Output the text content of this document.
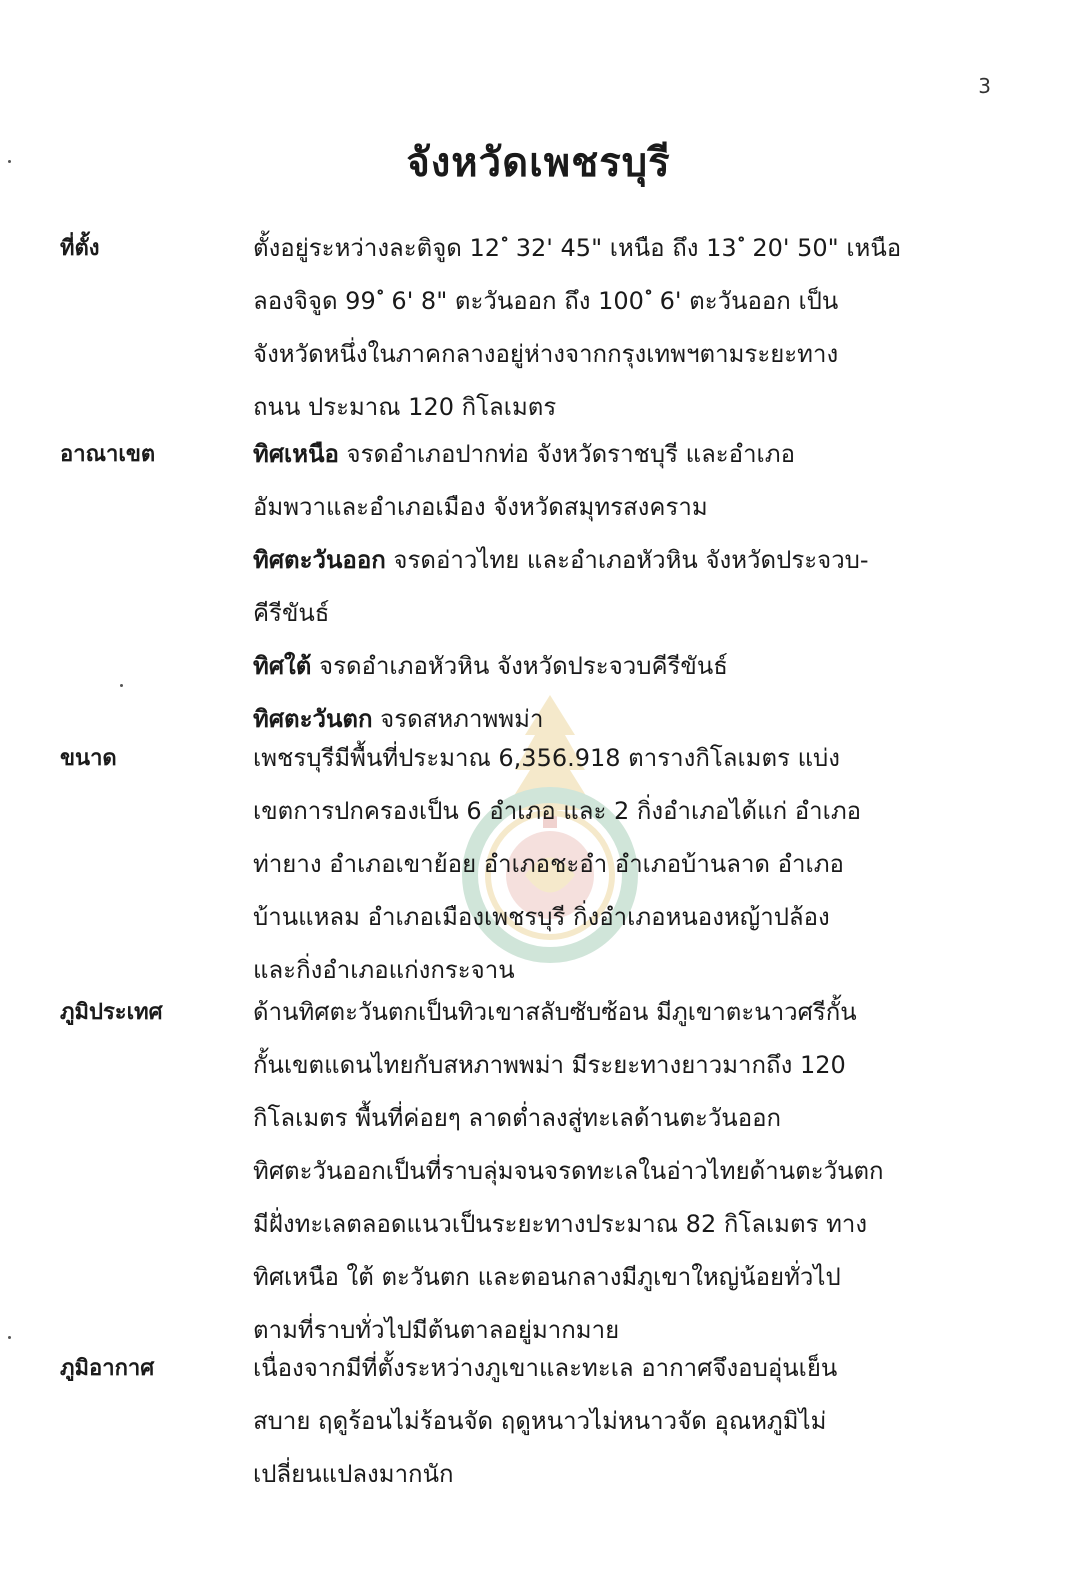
3
จังหวัดเพชรบุรี
ที่ตั้ง	ตั้งอยู่ระหว่างละติจูด 12 ํ 32' 45" เหนือ ถึง 13 ํ 20' 50" เหนือ
ลองจิจูด 99 ํ 6' 8" ตะวันออก ถึง 100 ํ 6' ตะวันออก เป็น
จังหวัดหนึ่งในภาคกลางอยู่ห่างจากกรุงเทพฯตามระยะทาง
ถนน ประมาณ 120 กิโลเมตร
อาณาเขต	ทิศเหนือ จรดอำเภอปากท่อ จังหวัดราชบุรี และอำเภอ
อัมพวาและอำเภอเมือง จังหวัดสมุทรสงคราม
ทิศตะวันออก จรดอ่าวไทย และอำเภอหัวหิน จังหวัดประจวบ-
คีรีขันธ์
ทิศใต้ จรดอำเภอหัวหิน จังหวัดประจวบคีรีขันธ์
ทิศตะวันตก จรดสหภาพพม่า
ขนาด	เพชรบุรีมีพื้นที่ประมาณ 6,356.918 ตารางกิโลเมตร แบ่ง
เขตการปกครองเป็น 6 อำเภอ และ 2 กิ่งอำเภอได้แก่ อำเภอ
ท่ายาง อำเภอเขาย้อย อำเภอชะอำ อำเภอบ้านลาด อำเภอ
บ้านแหลม อำเภอเมืองเพชรบุรี กิ่งอำเภอหนองหญ้าปล้อง
และกิ่งอำเภอแก่งกระจาน
ภูมิประเทศ	ด้านทิศตะวันตกเป็นทิวเขาสลับซับซ้อน มีภูเขาตะนาวศรีกั้น
กั้นเขตแดนไทยกับสหภาพพม่า มีระยะทางยาวมากถึง 120
กิโลเมตร พื้นที่ค่อยๆ ลาดต่ำลงสู่ทะเลด้านตะวันออก
ทิศตะวันออกเป็นที่ราบลุ่มจนจรดทะเลในอ่าวไทยด้านตะวันตก
มีฝั่งทะเลตลอดแนวเป็นระยะทางประมาณ 82 กิโลเมตร ทาง
ทิศเหนือ ใต้ ตะวันตก และตอนกลางมีภูเขาใหญ่น้อยทั่วไป
ตามที่ราบทั่วไปมีต้นตาลอยู่มากมาย
ภูมิอากาศ	เนื่องจากมีที่ตั้งระหว่างภูเขาและทะเล อากาศจึงอบอุ่นเย็น
สบาย ฤดูร้อนไม่ร้อนจัด ฤดูหนาวไม่หนาวจัด อุณหภูมิไม่
เปลี่ยนแปลงมากนัก
